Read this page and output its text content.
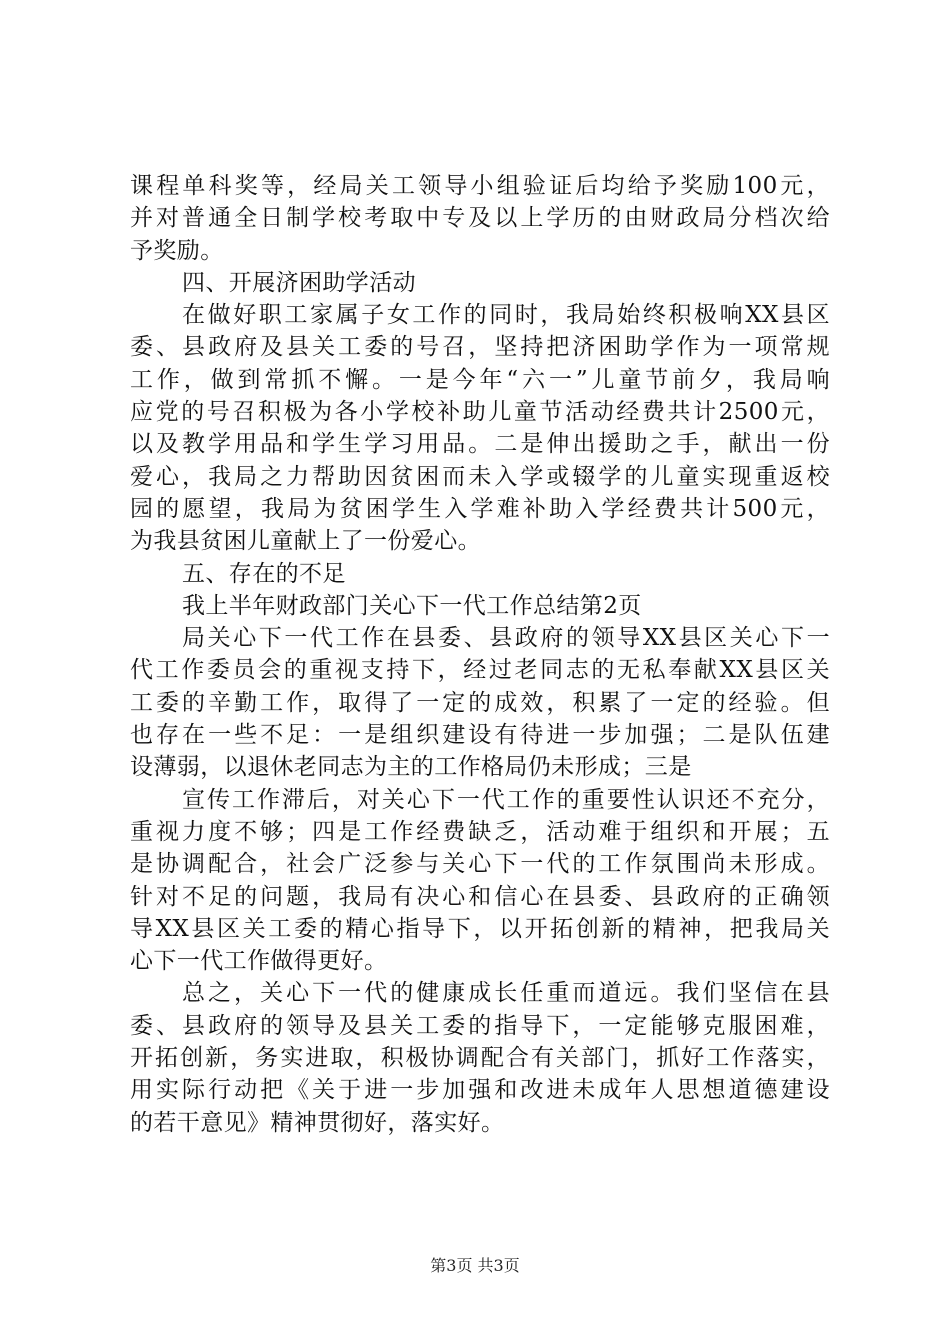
课程单科奖等，经局关工领导小组验证后均给予奖励100元，
并对普通全日制学校考取中专及以上学历的由财政局分档次给
予奖励。
四、开展济困助学活动
在做好职工家属子女工作的同时，我局始终积极响XX县区
委、县政府及县关工委的号召，坚持把济困助学作为一项常规
工作，做到常抓不懈。一是今年“六一”儿童节前夕，我局响
应党的号召积极为各小学校补助儿童节活动经费共计2500元，
以及教学用品和学生学习用品。二是伸出援助之手，献出一份
爱心，我局之力帮助因贫困而未入学或辍学的儿童实现重返校
园的愿望，我局为贫困学生入学难补助入学经费共计500元，
为我县贫困儿童献上了一份爱心。
五、存在的不足
我上半年财政部门关心下一代工作总结第2页
局关心下一代工作在县委、县政府的领导XX县区关心下一
代工作委员会的重视支持下，经过老同志的无私奉献XX县区关
工委的辛勤工作，取得了一定的成效，积累了一定的经验。但
也存在一些不足：一是组织建设有待进一步加强；二是队伍建
设薄弱，以退休老同志为主的工作格局仍未形成；三是
宣传工作滞后，对关心下一代工作的重要性认识还不充分，
重视力度不够；四是工作经费缺乏，活动难于组织和开展；五
是协调配合，社会广泛参与关心下一代的工作氛围尚未形成。
针对不足的问题，我局有决心和信心在县委、县政府的正确领
导XX县区关工委的精心指导下，以开拓创新的精神，把我局关
心下一代工作做得更好。
总之，关心下一代的健康成长任重而道远。我们坚信在县
委、县政府的领导及县关工委的指导下，一定能够克服困难，
开拓创新，务实进取，积极协调配合有关部门，抓好工作落实，
用实际行动把《关于进一步加强和改进未成年人思想道德建设
的若干意见》精神贯彻好，落实好。
第3页 共3页
